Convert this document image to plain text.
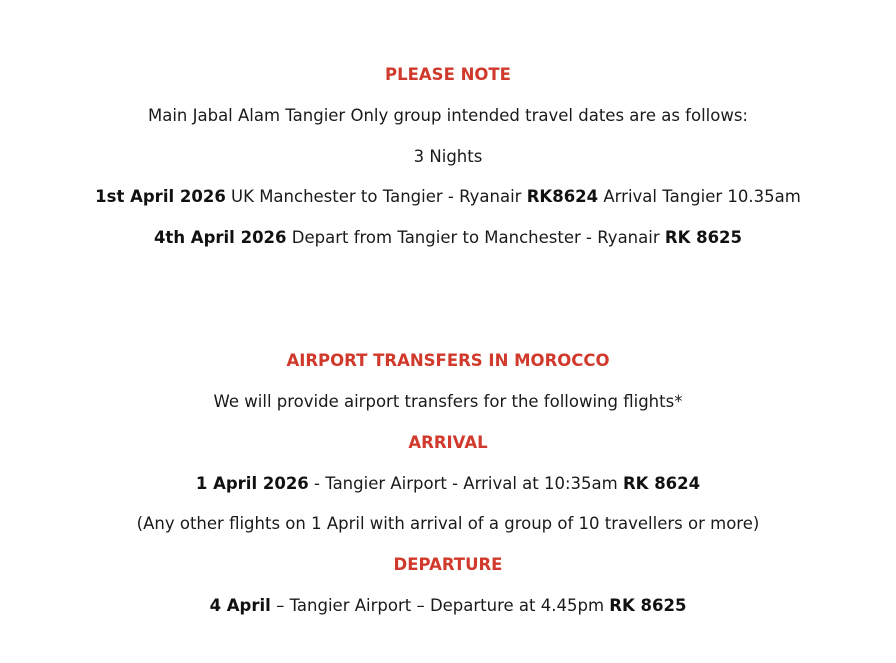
PLEASE NOTE
Main Jabal Alam Tangier Only group intended travel dates are as follows:
3 Nights
1st April 2026 UK Manchester to Tangier - Ryanair RK8624 Arrival Tangier 10.35am
4th April 2026 Depart from Tangier to Manchester - Ryanair RK 8625
AIRPORT TRANSFERS IN MOROCCO
We will provide airport transfers for the following flights*
ARRIVAL
1 April 2026 - Tangier Airport - Arrival at 10:35am RK 8624
(Any other flights on 1 April with arrival of a group of 10 travellers or more)
DEPARTURE
4 April – Tangier Airport – Departure at 4.45pm RK 8625
